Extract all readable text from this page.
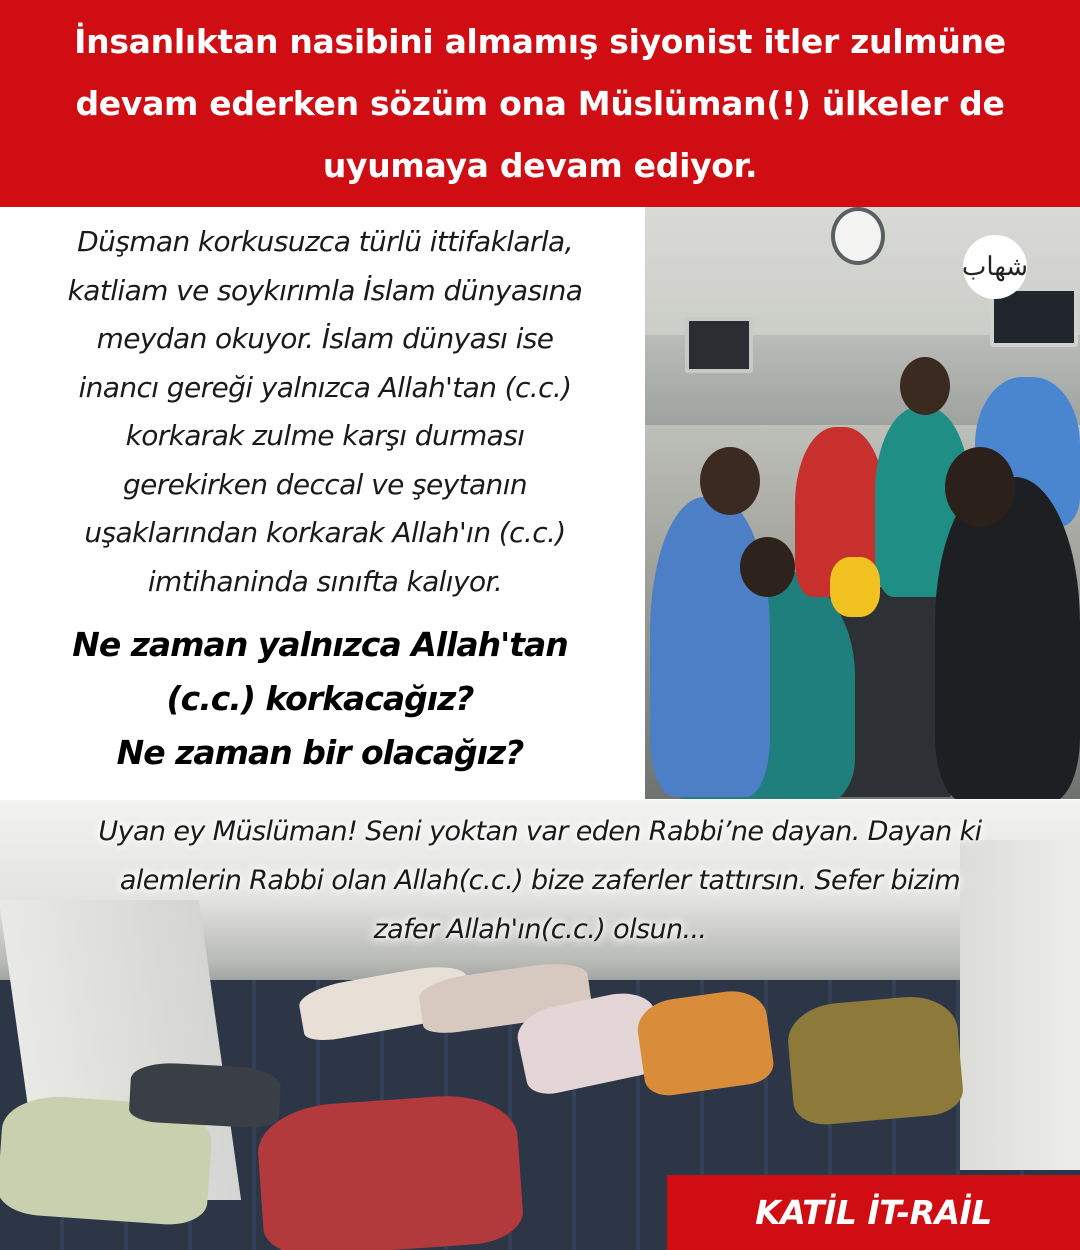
İnsanlıktan nasibini almamış siyonist itler zulmüne
devam ederken sözüm ona Müslüman(!) ülkeler de
uyumaya devam ediyor.

Düşman korkusuzca türlü ittifaklarla,

katliam ve soykırımla İslam dünyasına

meydan okuyor. İslam dünyası ise

inancı gereği yalnızca Allah'tan (c.c.)

korkarak zulme karşı durması

gerekirken deccal ve şeytanın

uşaklarından korkarak Allah'ın (c.c.)

imtihaninda sınıfta kalıyor.

Ne zaman yalnızca Allah'tan

(c.c.) korkacağız?

Ne zaman bir olacağız?

شهاب

Uyan ey Müslüman! Seni yoktan var eden Rabbi’ne dayan. Dayan ki

alemlerin Rabbi olan Allah(c.c.) bize zaferler tattırsın. Sefer bizim

zafer Allah'ın(c.c.) olsun...

KATİL İT-RAİL
